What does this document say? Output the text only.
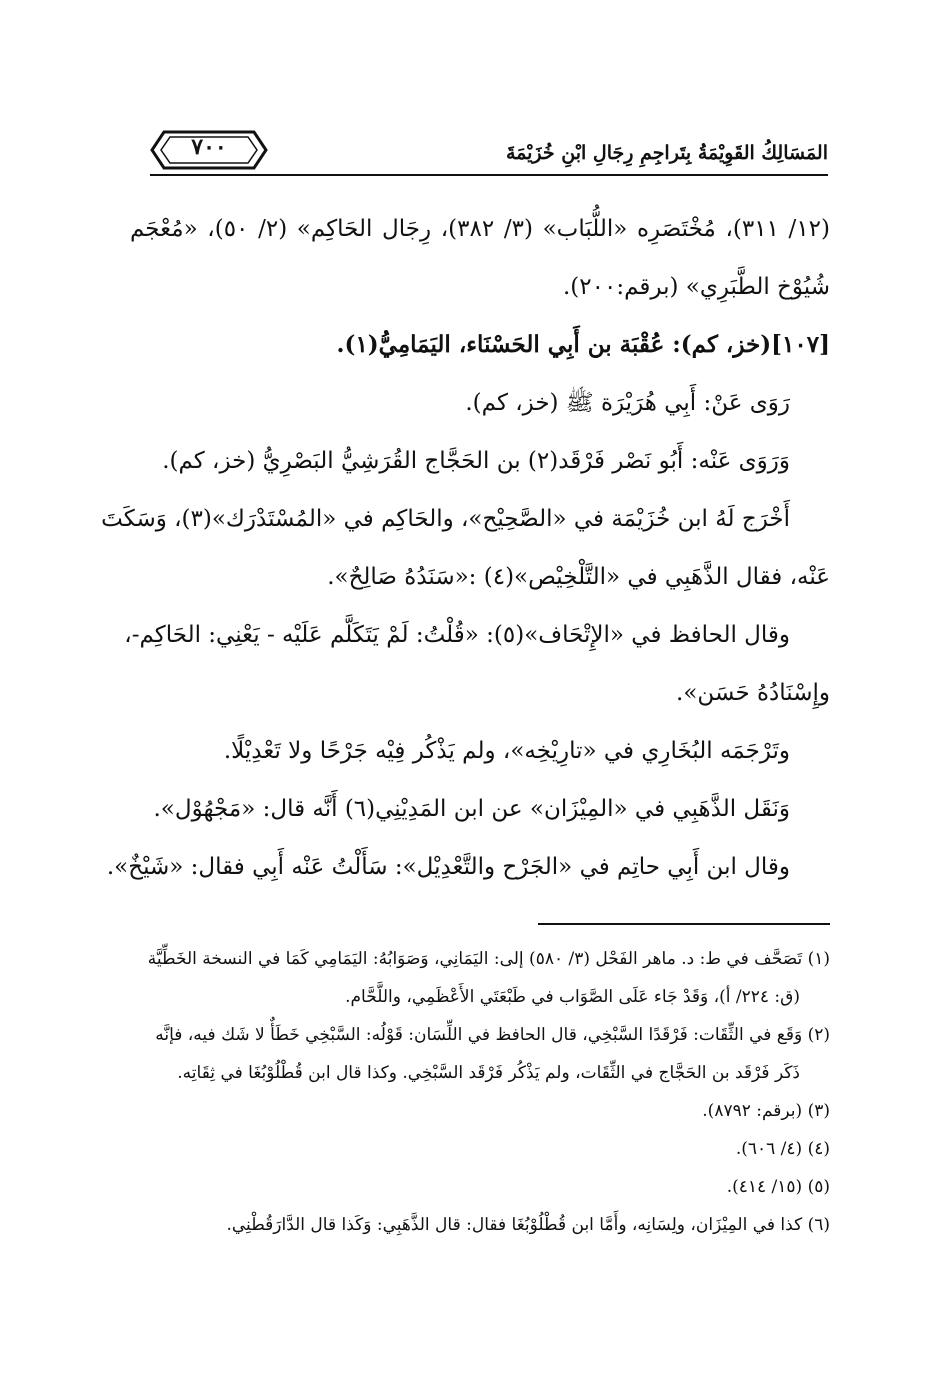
المَسَالِكُ القَوِيْمَةُ بِتَراجِمِ رِجَالِ ابْنِ خُزَيْمَةَ
٧٠٠
(١٢/ ٣١١)، مُخْتَصَرِه «اللُّبَاب» (٣/ ٣٨٢)، رِجَال الحَاكِم» (٢/ ٥٠)، «مُعْجَم
شُيُوْخ الطَّبَرِي» (برقم:٢٠٠).
[١٠٧](خز، كم): عُقْبَة بن أَبِي الحَسْنَاء، اليَمَامِيُّ(١).
رَوَى عَنْ: أَبِي هُرَيْرَة ﷺ (خز، كم).
وَرَوَى عَنْه: أَبُو نَصْر فَرْقَد(٢) بن الحَجَّاج القُرَشِيُّ البَصْرِيُّ (خز، كم).
أَخْرَج لَهُ ابن خُزَيْمَة في «الصَّحِيْح»، والحَاكِم في «المُسْتَدْرَك»(٣)، وَسَكَتَ
عَنْه، فقال الذَّهَبِي في «التَّلْخِيْص»(٤) :«سَنَدُهُ صَالِحٌ».
وقال الحافظ في «الإِتْحَاف»(٥): «قُلْتُ: لَمْ يَتَكَلَّم عَلَيْه - يَعْنِي: الحَاكِم-،
وإِسْنَادُهُ حَسَن».
وتَرْجَمَه البُخَارِي في «تارِيْخِه»، ولم يَذْكُر فِيْه جَرْحًا ولا تَعْدِيْلًا.
وَنَقَل الذَّهَبِي في «المِيْزَان» عن ابن المَدِيْنِي(٦) أَنَّه قال: «مَجْهُوْل».
وقال ابن أَبِي حاتِم في «الجَرْح والتَّعْدِيْل»: سَأَلْتُ عَنْه أَبِي فقال: «شَيْخٌ».
(١) تَصَحَّف في ط: د. ماهر الفَحْل (٣/ ٥٨٠) إلى: اليَمَانِي، وَصَوَابُهُ: اليَمَامِي كَمَا في النسخة الخَطِّيَّة
(ق: ٢٢٤/ أ)، وَقَدْ جَاء عَلَى الصَّوَاب في طَبْعَتَي الأَعْظَمِي، واللَّحَّام.
(٢) وَقَع في الثِّقَات: فَرْقَدًا السَّبْخِي، قال الحافظ في اللِّسَان: قَوْلُه: السَّبْخِي خَطَأٌ لا شَك فيه، فإنَّه
ذَكَر فَرْقَد بن الحَجَّاج في الثِّقَات، ولم يَذْكُر فَرْقَد السَّبْخِي. وكذا قال ابن قُطْلُوْبُغَا في ثِقَاتِه.
(٣) (برقم: ٨٧٩٢).
(٤) (٤/ ٦٠٦).
(٥) (١٥/ ٤١٤).
(٦) كذا في المِيْزَان، ولِسَانِه، وأَمَّا ابن قُطْلُوْبُغَا فقال: قال الذَّهَبِي: وَكَذا قال الدَّارَقُطْنِي.
